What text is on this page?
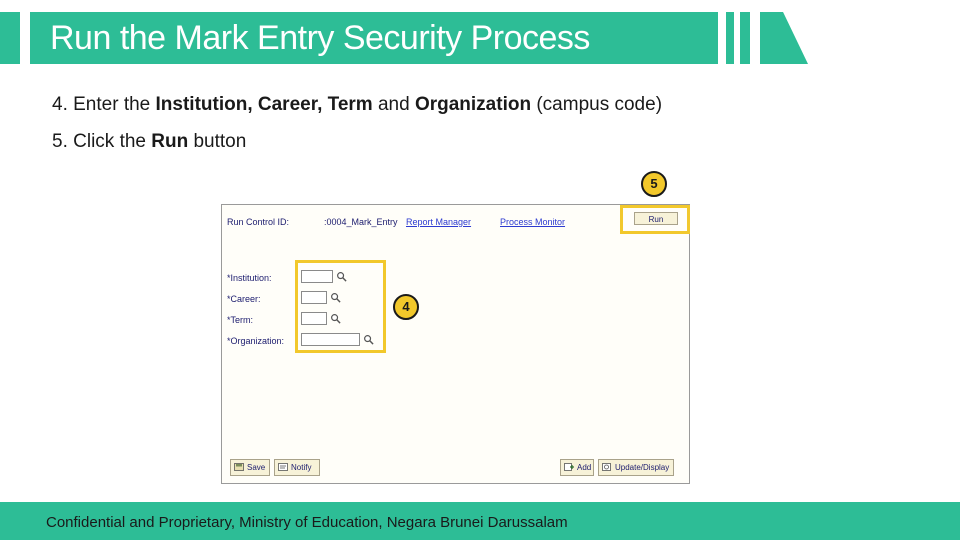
Run the Mark Entry Security Process
4. Enter the Institution, Career, Term and Organization (campus code)
5. Click the Run button
Run Control ID:	:0004_Mark_Entry Report Manager	Process Monitor	Run
*Institution:
*Career:
*Term:
*Organization:
Save	Notify	Add	Update/Display
4
5
Confidential and Proprietary, Ministry of Education, Negara Brunei Darussalam
